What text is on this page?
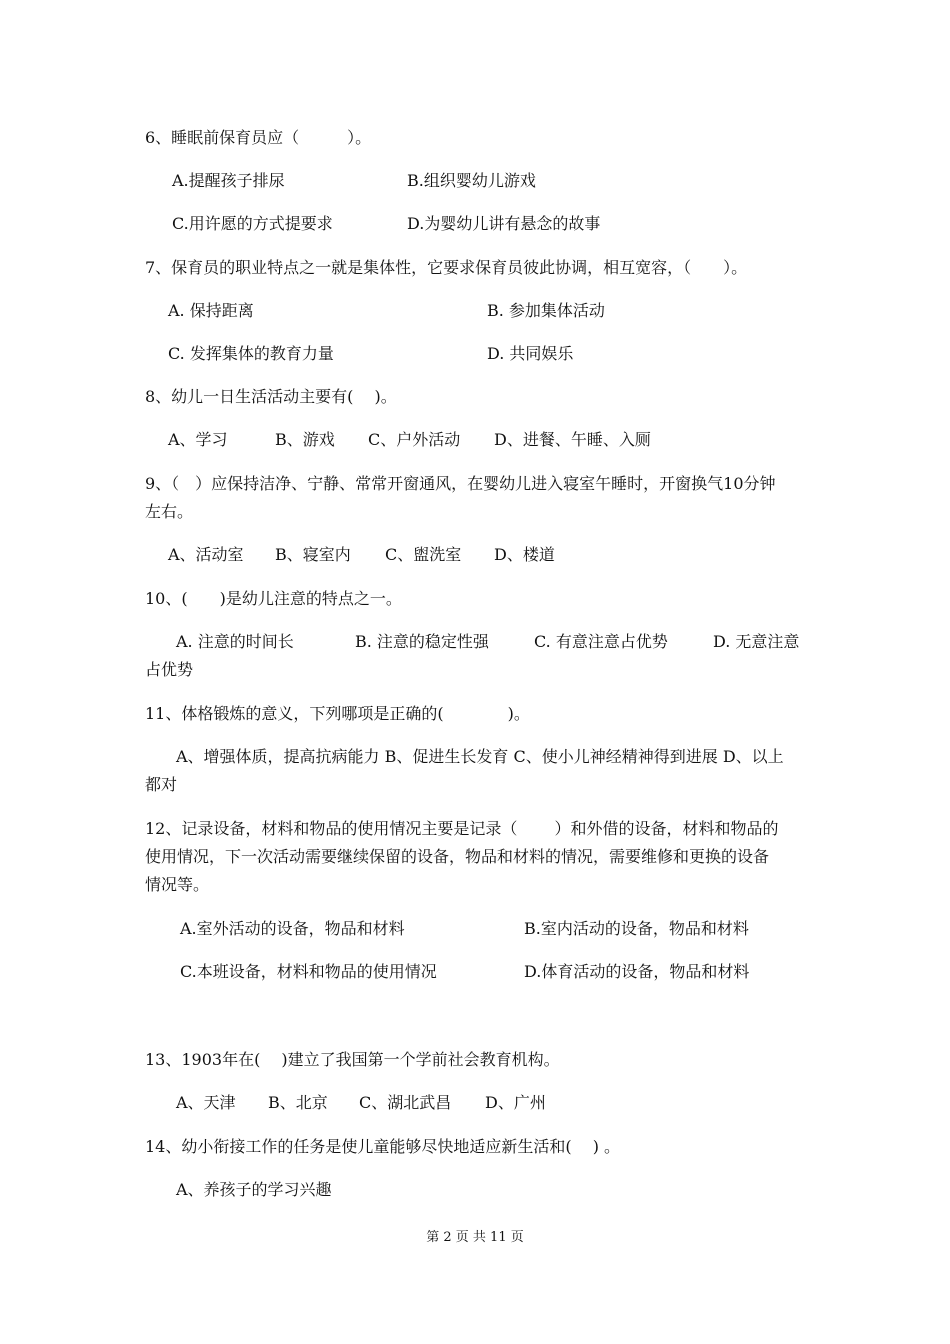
6、睡眠前保育员应（　　　）。
A.提醒孩子排尿	B.组织婴幼儿游戏
C.用许愿的方式提要求	D.为婴幼儿讲有悬念的故事
7、保育员的职业特点之一就是集体性，它要求保育员彼此协调，相互宽容，（　　）。
A. 保持距离	B. 参加集体活动
C. 发挥集体的教育力量	D. 共同娱乐
8、幼儿一日生活活动主要有(　 )。
A、学习	B、游戏 C、户外活动 D、进餐、午睡、入厕
9、（　）应保持洁净、宁静、常常开窗通风，在婴幼儿进入寝室午睡时，开窗换气10分钟
左右。
A、活动室 B、寝室内 C、盥洗室 D、楼道
10、(　　)是幼儿注意的特点之一。
A. 注意的时间长	B. 注意的稳定性强	C. 有意注意占优势	D. 无意注意
占优势
11、体格锻炼的意义，下列哪项是正确的(　　　　)。
A、增强体质，提高抗病能力 B、促进生长发育 C、使小儿神经精神得到进展 D、以上
都对
12、记录设备，材料和物品的使用情况主要是记录（　　 ）和外借的设备，材料和物品的
使用情况，下一次活动需要继续保留的设备，物品和材料的情况，需要维修和更换的设备
情况等。
A.室外活动的设备，物品和材料	B.室内活动的设备，物品和材料
C.本班设备，材料和物品的使用情况	D.体育活动的设备，物品和材料
13、1903年在(　 )建立了我国第一个学前社会教育机构。
A、天津 B、北京 C、湖北武昌 D、广州
14、幼小衔接工作的任务是使儿童能够尽快地适应新生活和(　 ) 。
A、养孩子的学习兴趣
第 2 页 共 11 页
